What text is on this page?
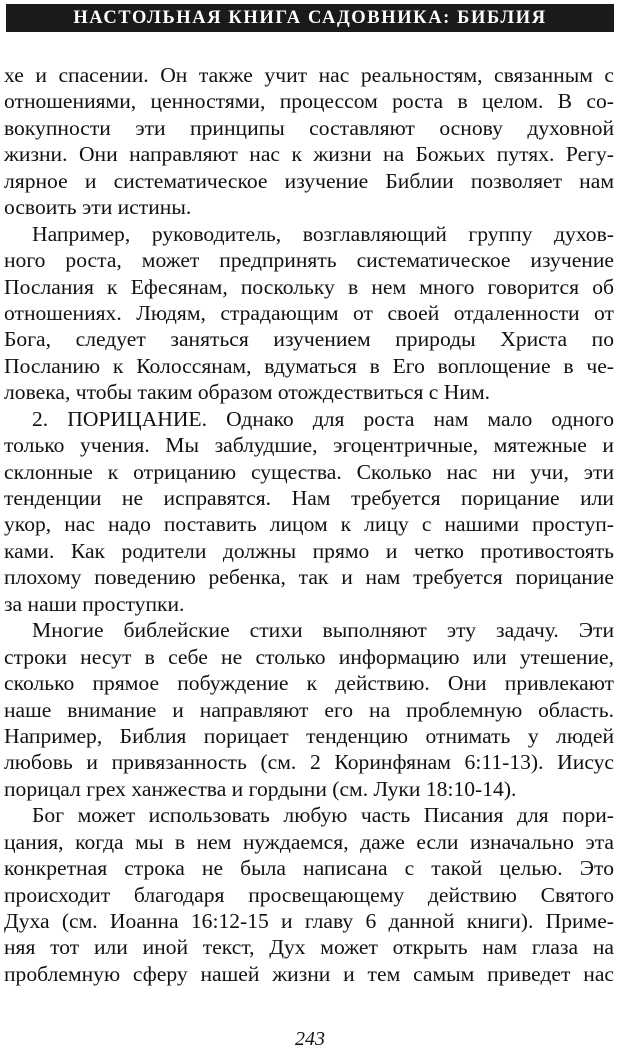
НАСТОЛЬНАЯ КНИГА САДОВНИКА: БИБЛИЯ
хе и спасении. Он также учит нас реальностям, связанным с
отношениями, ценностями, процессом роста в целом. В со-
вокупности эти принципы составляют основу духовной
жизни. Они направляют нас к жизни на Божьих путях. Регу-
лярное и систематическое изучение Библии позволяет нам
освоить эти истины.
Например, руководитель, возглавляющий группу духов-
ного роста, может предпринять систематическое изучение
Послания к Ефесянам, поскольку в нем много говорится об
отношениях. Людям, страдающим от своей отдаленности от
Бога, следует заняться изучением природы Христа по
Посланию к Колоссянам, вдуматься в Его воплощение в че-
ловека, чтобы таким образом отождествиться с Ним.
2. ПОРИЦАНИЕ. Однако для роста нам мало одного
только учения. Мы заблудшие, эгоцентричные, мятежные и
склонные к отрицанию существа. Сколько нас ни учи, эти
тенденции не исправятся. Нам требуется порицание или
укор, нас надо поставить лицом к лицу с нашими проступ-
ками. Как родители должны прямо и четко противостоять
плохому поведению ребенка, так и нам требуется порицание
за наши проступки.
Многие библейские стихи выполняют эту задачу. Эти
строки несут в себе не столько информацию или утешение,
сколько прямое побуждение к действию. Они привлекают
наше внимание и направляют его на проблемную область.
Например, Библия порицает тенденцию отнимать у людей
любовь и привязанность (см. 2 Коринфянам 6:11-13). Иисус
порицал грех ханжества и гордыни (см. Луки 18:10-14).
Бог может использовать любую часть Писания для пори-
цания, когда мы в нем нуждаемся, даже если изначально эта
конкретная строка не была написана с такой целью. Это
происходит благодаря просвещающему действию Святого
Духа (см. Иоанна 16:12-15 и главу 6 данной книги). Приме-
няя тот или иной текст, Дух может открыть нам глаза на
проблемную сферу нашей жизни и тем самым приведет нас
243
